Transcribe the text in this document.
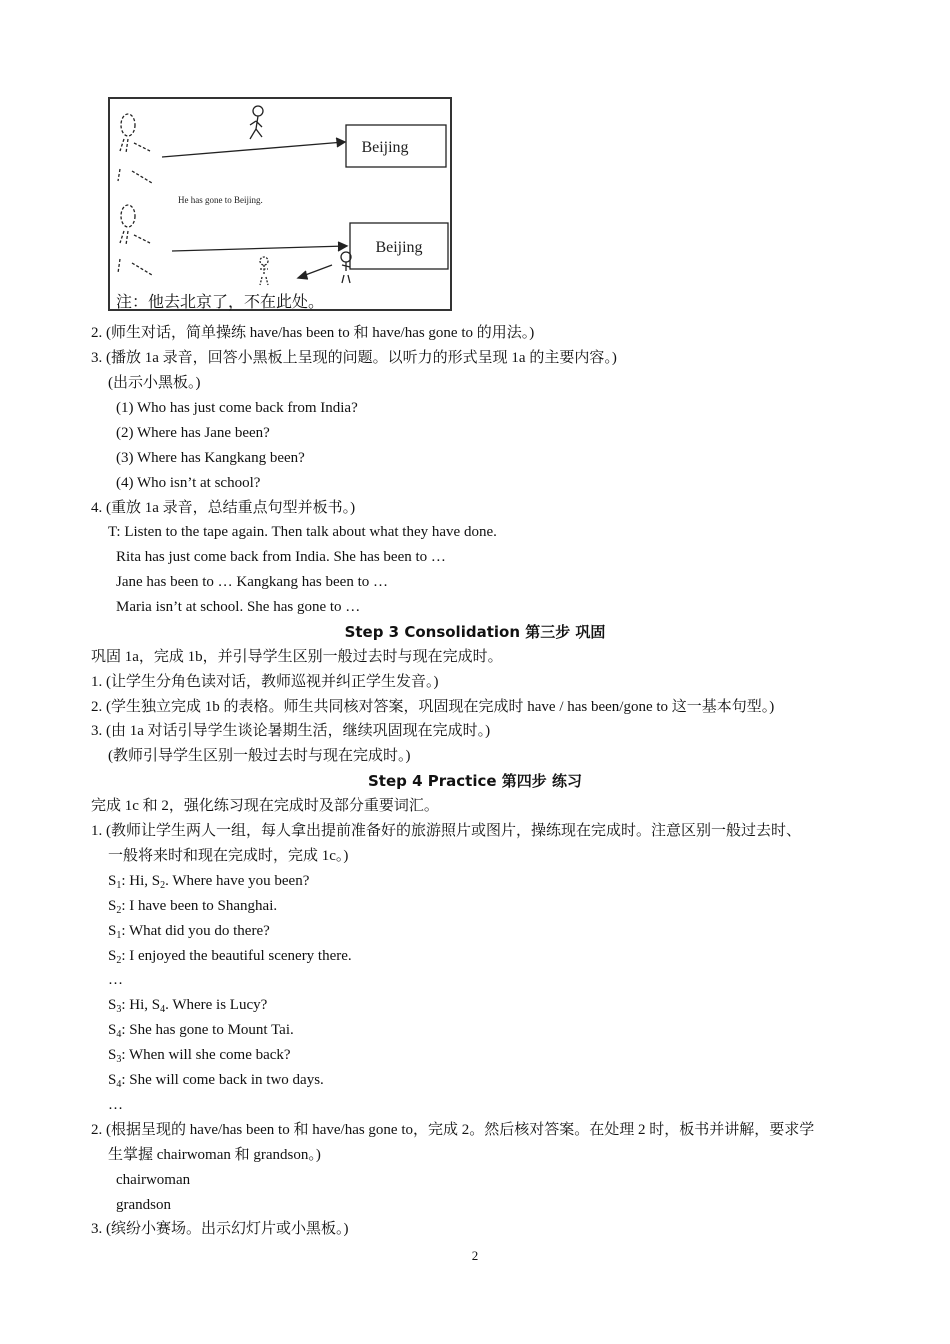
Beijing
He has gone to Beijing.
Beijing
注：他去北京了，不在此处。
2. (师生对话，简单操练 have/has been to 和 have/has gone to 的用法。)
3. (播放 1a 录音，回答小黑板上呈现的问题。以听力的形式呈现 1a 的主要内容。)
(出示小黑板。)
(1) Who has just come back from India?
(2) Where has Jane been?
(3) Where has Kangkang been?
(4) Who isn’t at school?
4. (重放 1a 录音，总结重点句型并板书。)
T: Listen to the tape again. Then talk about what they have done.
Rita has just come back from India. She has been to …
Jane has been to … Kangkang has been to …
Maria isn’t at school. She has gone to …
Step 3 Consolidation 第三步 巩固
巩固 1a，完成 1b，并引导学生区别一般过去时与现在完成时。
1. (让学生分角色读对话，教师巡视并纠正学生发音。)
2. (学生独立完成 1b 的表格。师生共同核对答案，巩固现在完成时 have / has been/gone to 这一基本句型。)
3. (由 1a 对话引导学生谈论暑期生活，继续巩固现在完成时。)
(教师引导学生区别一般过去时与现在完成时。)
Step 4 Practice 第四步 练习
完成 1c 和 2，强化练习现在完成时及部分重要词汇。
1. (教师让学生两人一组，每人拿出提前准备好的旅游照片或图片，操练现在完成时。注意区别一般过去时、
一般将来时和现在完成时，完成 1c。)
$S_1$: Hi, $S_2$. Where have you been?
$S_2$: I have been to Shanghai.
$S_1$: What did you do there?
$S_2$: I enjoyed the beautiful scenery there.
…
$S_3$: Hi, $S_4$. Where is Lucy?
$S_4$: She has gone to Mount Tai.
$S_3$: When will she come back?
$S_4$: She will come back in two days.
…
2. (根据呈现的 have/has been to 和 have/has gone to，完成 2。然后核对答案。在处理 2 时，板书并讲解，要求学
生掌握 chairwoman 和 grandson。)
chairwoman
grandson
3. (缤纷小赛场。出示幻灯片或小黑板。)
2
